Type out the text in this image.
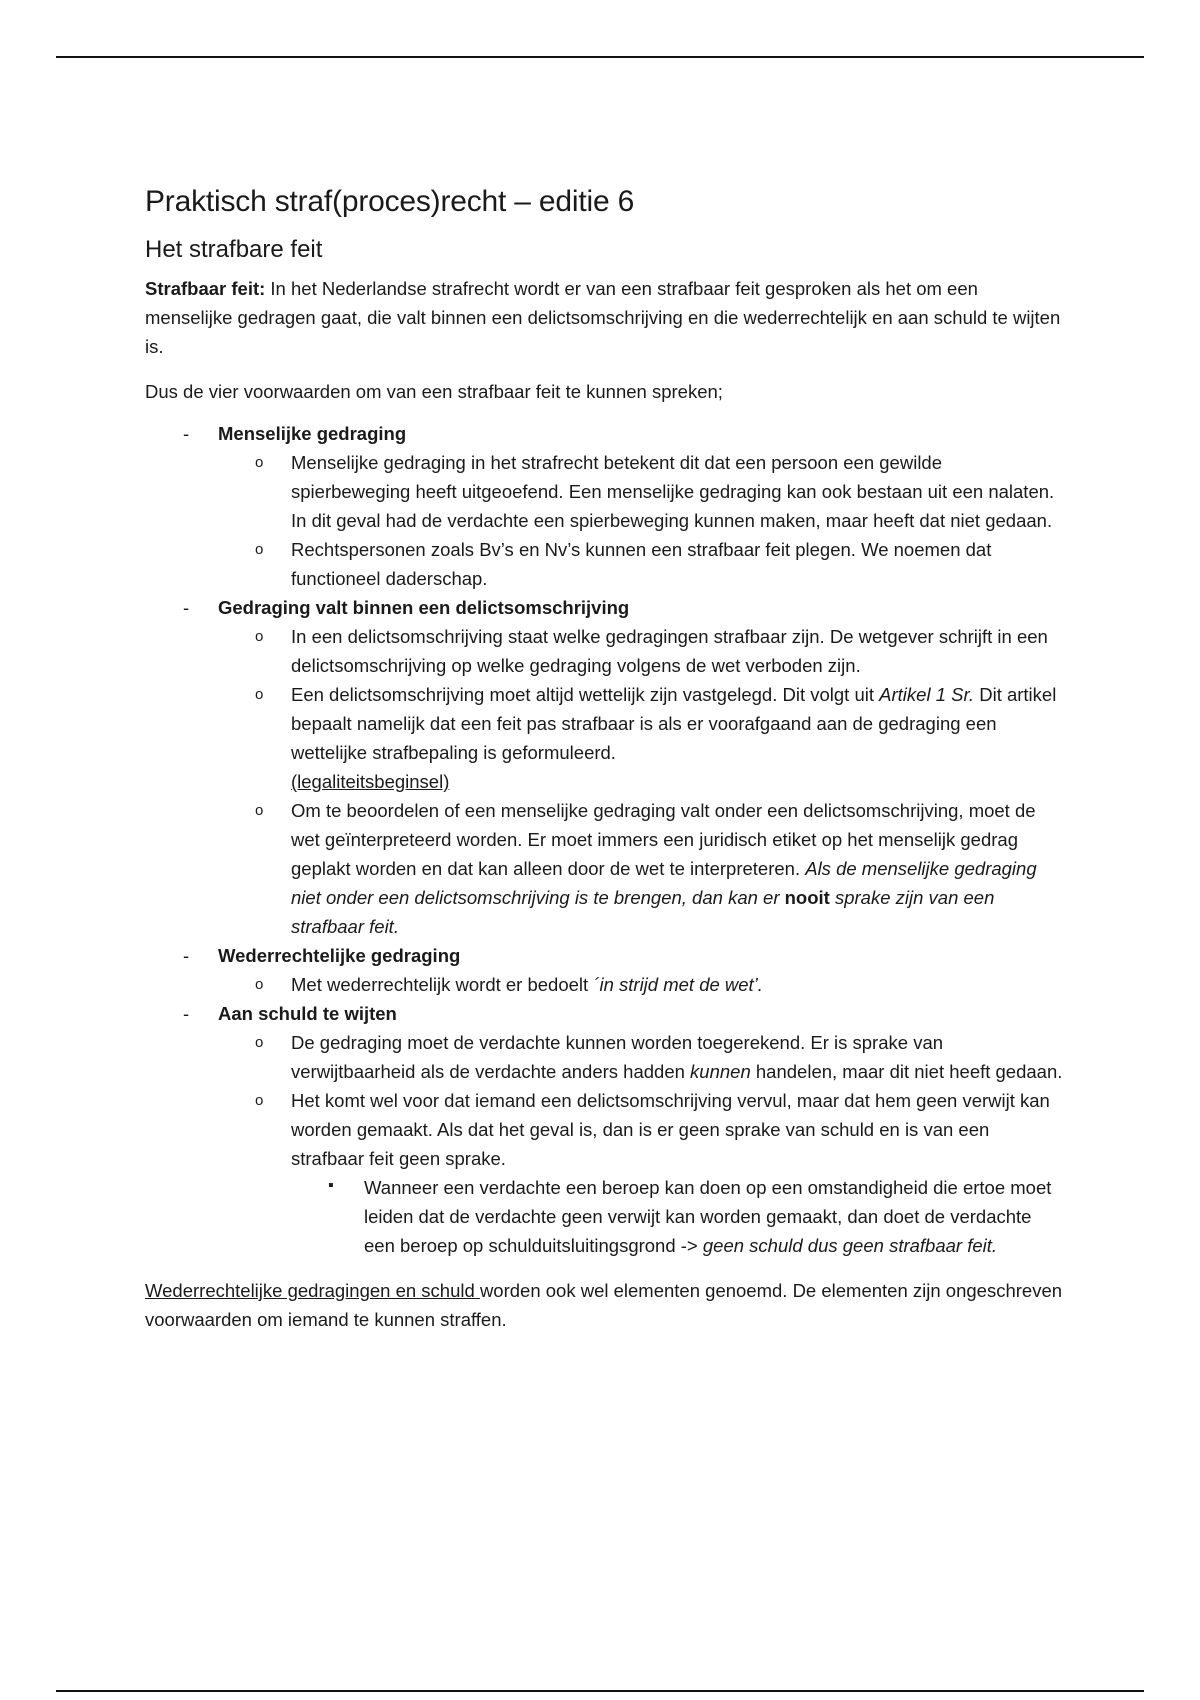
Praktisch straf(proces)recht – editie 6
Het strafbare feit

Strafbaar feit: In het Nederlandse strafrecht wordt er van een strafbaar feit gesproken als het om een menselijke gedragen gaat, die valt binnen een delictsomschrijving en die wederrechtelijk en aan schuld te wijten is.

Dus de vier voorwaarden om van een strafbaar feit te kunnen spreken;

- Menselijke gedraging
o Menselijke gedraging in het strafrecht betekent dit dat een persoon een gewilde spierbeweging heeft uitgeoefend. Een menselijke gedraging kan ook bestaan uit een nalaten. In dit geval had de verdachte een spierbeweging kunnen maken, maar heeft dat niet gedaan.
o Rechtspersonen zoals Bv’s en Nv’s kunnen een strafbaar feit plegen. We noemen dat functioneel daderschap.
- Gedraging valt binnen een delictsomschrijving
o In een delictsomschrijving staat welke gedragingen strafbaar zijn. De wetgever schrijft in een delictsomschrijving op welke gedraging volgens de wet verboden zijn.
o Een delictsomschrijving moet altijd wettelijk zijn vastgelegd. Dit volgt uit Artikel 1 Sr. Dit artikel bepaalt namelijk dat een feit pas strafbaar is als er voorafgaand aan de gedraging een wettelijke strafbepaling is geformuleerd.
(legaliteitsbeginsel)
o Om te beoordelen of een menselijke gedraging valt onder een delictsomschrijving, moet de wet geïnterpreteerd worden. Er moet immers een juridisch etiket op het menselijk gedrag geplakt worden en dat kan alleen door de wet te interpreteren. Als de menselijke gedraging niet onder een delictsomschrijving is te brengen, dan kan er nooit sprake zijn van een strafbaar feit.
- Wederrechtelijke gedraging
o Met wederrechtelijk wordt er bedoelt ´in strijd met de wet’.
- Aan schuld te wijten
o De gedraging moet de verdachte kunnen worden toegerekend. Er is sprake van verwijtbaarheid als de verdachte anders hadden kunnen handelen, maar dit niet heeft gedaan.
o Het komt wel voor dat iemand een delictsomschrijving vervul, maar dat hem geen verwijt kan worden gemaakt. Als dat het geval is, dan is er geen sprake van schuld en is van een strafbaar feit geen sprake.
▪ Wanneer een verdachte een beroep kan doen op een omstandigheid die ertoe moet leiden dat de verdachte geen verwijt kan worden gemaakt, dan doet de verdachte een beroep op schulduitsluitingsgrond -> geen schuld dus geen strafbaar feit.

Wederrechtelijke gedragingen en schuld worden ook wel elementen genoemd. De elementen zijn ongeschreven voorwaarden om iemand te kunnen straffen.
